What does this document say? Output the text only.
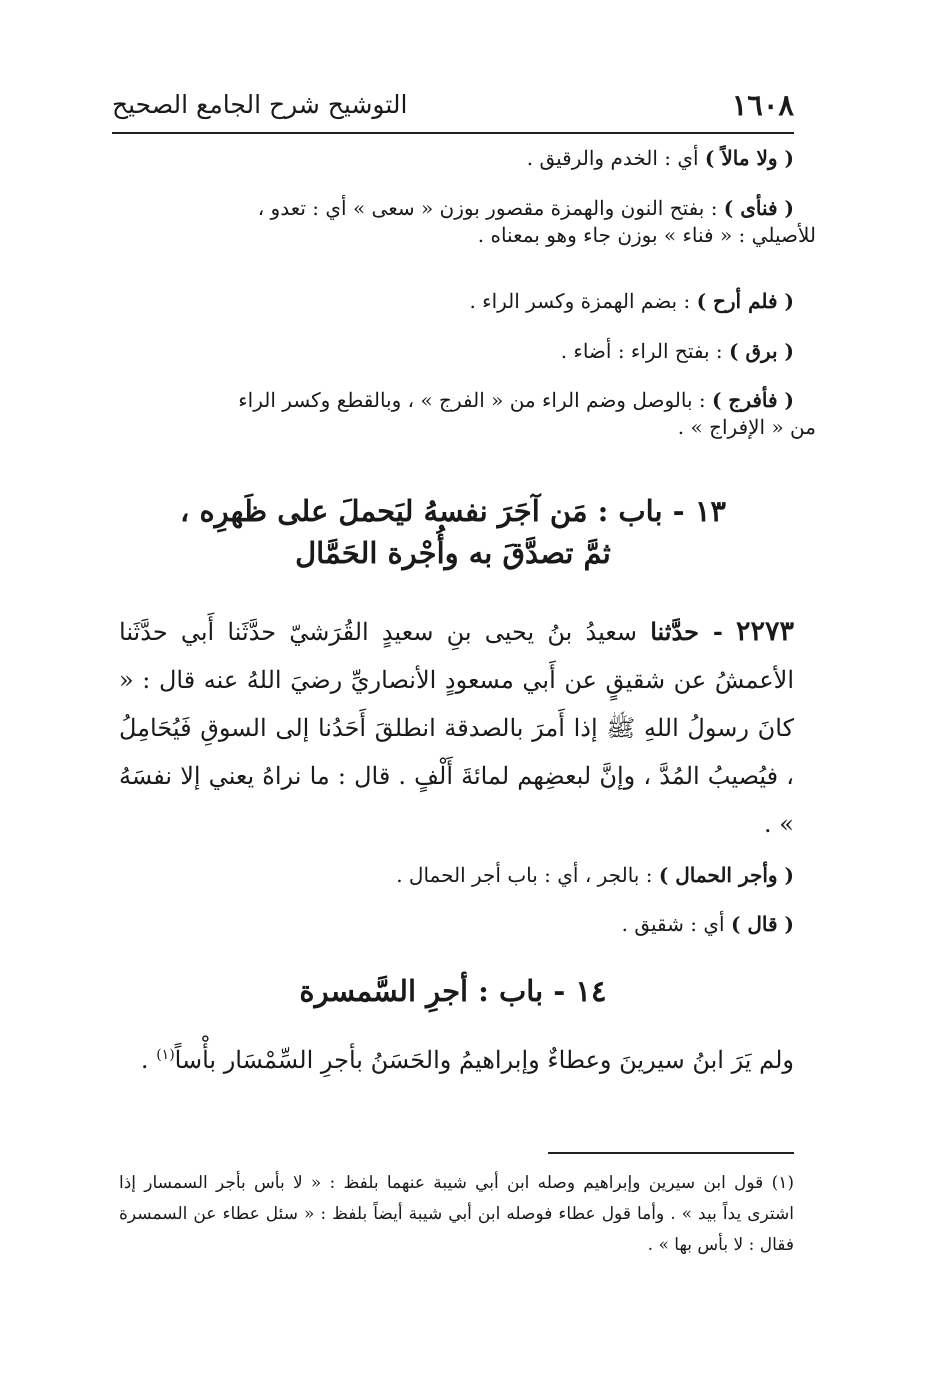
١٦٠٨
التوشيح شرح الجامع الصحيح
( ولا مالاً ) أي : الخدم والرقيق .
( فنأى ) : بفتح النون والهمزة مقصور بوزن « سعى » أي : تعدو ،
للأصيلي : « فناء » بوزن جاء وهو بمعناه .
( فلم أرح ) : بضم الهمزة وكسر الراء .
( برق ) : بفتح الراء : أضاء .
( فأفرج ) : بالوصل وضم الراء من « الفرج » ، وبالقطع وكسر الراء
من « الإفراج » .
١٣ - باب : مَن آجَرَ نفسهُ ليَحملَ على ظَهرِه ،
ثمَّ تصدَّقَ به وأُجْرة الحَمَّال
٢٢٧٣ - حدَّثنا سعيدُ بنُ يحيى بنِ سعيدٍ القُرَشيّ حدَّثَنا أَبي حدَّثَنا الأعمشُ عن شقيقٍ عن أَبي مسعودٍ الأنصاريِّ رضيَ اللهُ عنه قال : « كانَ رسولُ اللهِ ﷺ إذا أَمرَ بالصدقة انطلقَ أَحَدُنا إلى السوقِ فَيُحَامِلُ ، فيُصيبُ المُدَّ ، وإنَّ لبعضِهم لمائةَ أَلْفٍ . قال : ما نراهُ يعني إلا نفسَهُ » .
( وأجر الحمال ) : بالجر ، أي : باب أجر الحمال .
( قال ) أي : شقيق .
١٤ - باب : أجرِ السَّمسرة
ولم يَرَ ابنُ سيرينَ وعطاءٌ وإبراهيمُ والحَسَنُ بأجرِ السِّمْسَار بأْساً$^{(١)}$ .
(١) قول ابن سيرين وإبراهيم وصله ابن أبي شيبة عنهما بلفظ : « لا بأس بأجر السمسار إذا اشترى يداً بيد » . وأما قول عطاء فوصله ابن أبي شيبة أيضاً بلفظ : « سئل عطاء عن السمسرة فقال : لا بأس بها » .
